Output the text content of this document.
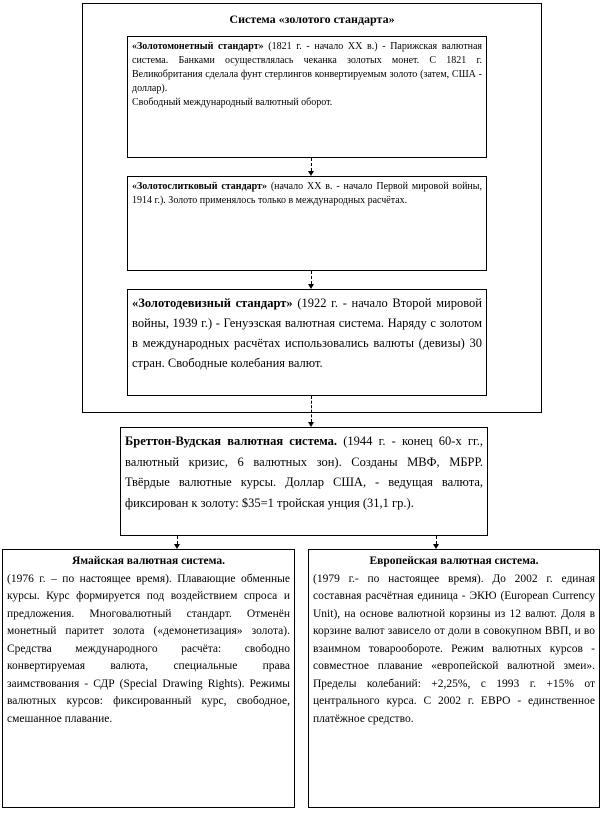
Система «золотого стандарта»
«Золотомонетный стандарт» (1821 г. - начало XX в.) - Парижская валютная система. Банками осуществлялась чеканка золотых монет. С 1821 г. Великобритания сделала фунт стерлингов конвертируемым золото (затем, США - доллар).
Свободный международный валютный оборот.
«Золотослитковый стандарт» (начало XX в. - начало Первой мировой войны, 1914 г.). Золото применялось только в международных расчётах.
«Золотодевизный стандарт» (1922 г. - начало Второй мировой войны, 1939 г.) - Генуэзская валютная система. Наряду с золотом в международных расчётах использовались валюты (девизы) 30 стран. Свободные колебания валют.
Бреттон-Вудская валютная система. (1944 г. - конец 60-х гг., валютный кризис, 6 валютных зон). Созданы МВФ, МБРР. Твёрдые валютные курсы. Доллар США, - ведущая валюта, фиксирован к золоту: $35=1 тройская унция (31,1 гр.).
Ямайская валютная система.
(1976 г. – по настоящее время). Плавающие обменные курсы. Курс формируется под воздействием спроса и предложения. Многовалютный стандарт. Отменён монетный паритет золота («демонетизация» золота). Средства международного расчёта: свободно конвертируемая валюта, специальные права заимствования - СДР (Special Drawing Rights). Режимы валютных курсов: фиксированный курс, свободное, смешанное плавание.
Европейская валютная система.
(1979 г.- по настоящее время). До 2002 г. единая составная расчётная единица - ЭКЮ (European Currency Unit), на основе валютной корзины из 12 валют. Доля в корзине валют зависело от доли в совокупном ВВП, и во взаимном товарообороте. Режим валютных курсов - совместное плавание «европейской валютной змеи». Пределы колебаний: +2,25%, с 1993 г. +15% от центрального курса. С 2002 г. ЕВРО - единственное платёжное средство.
